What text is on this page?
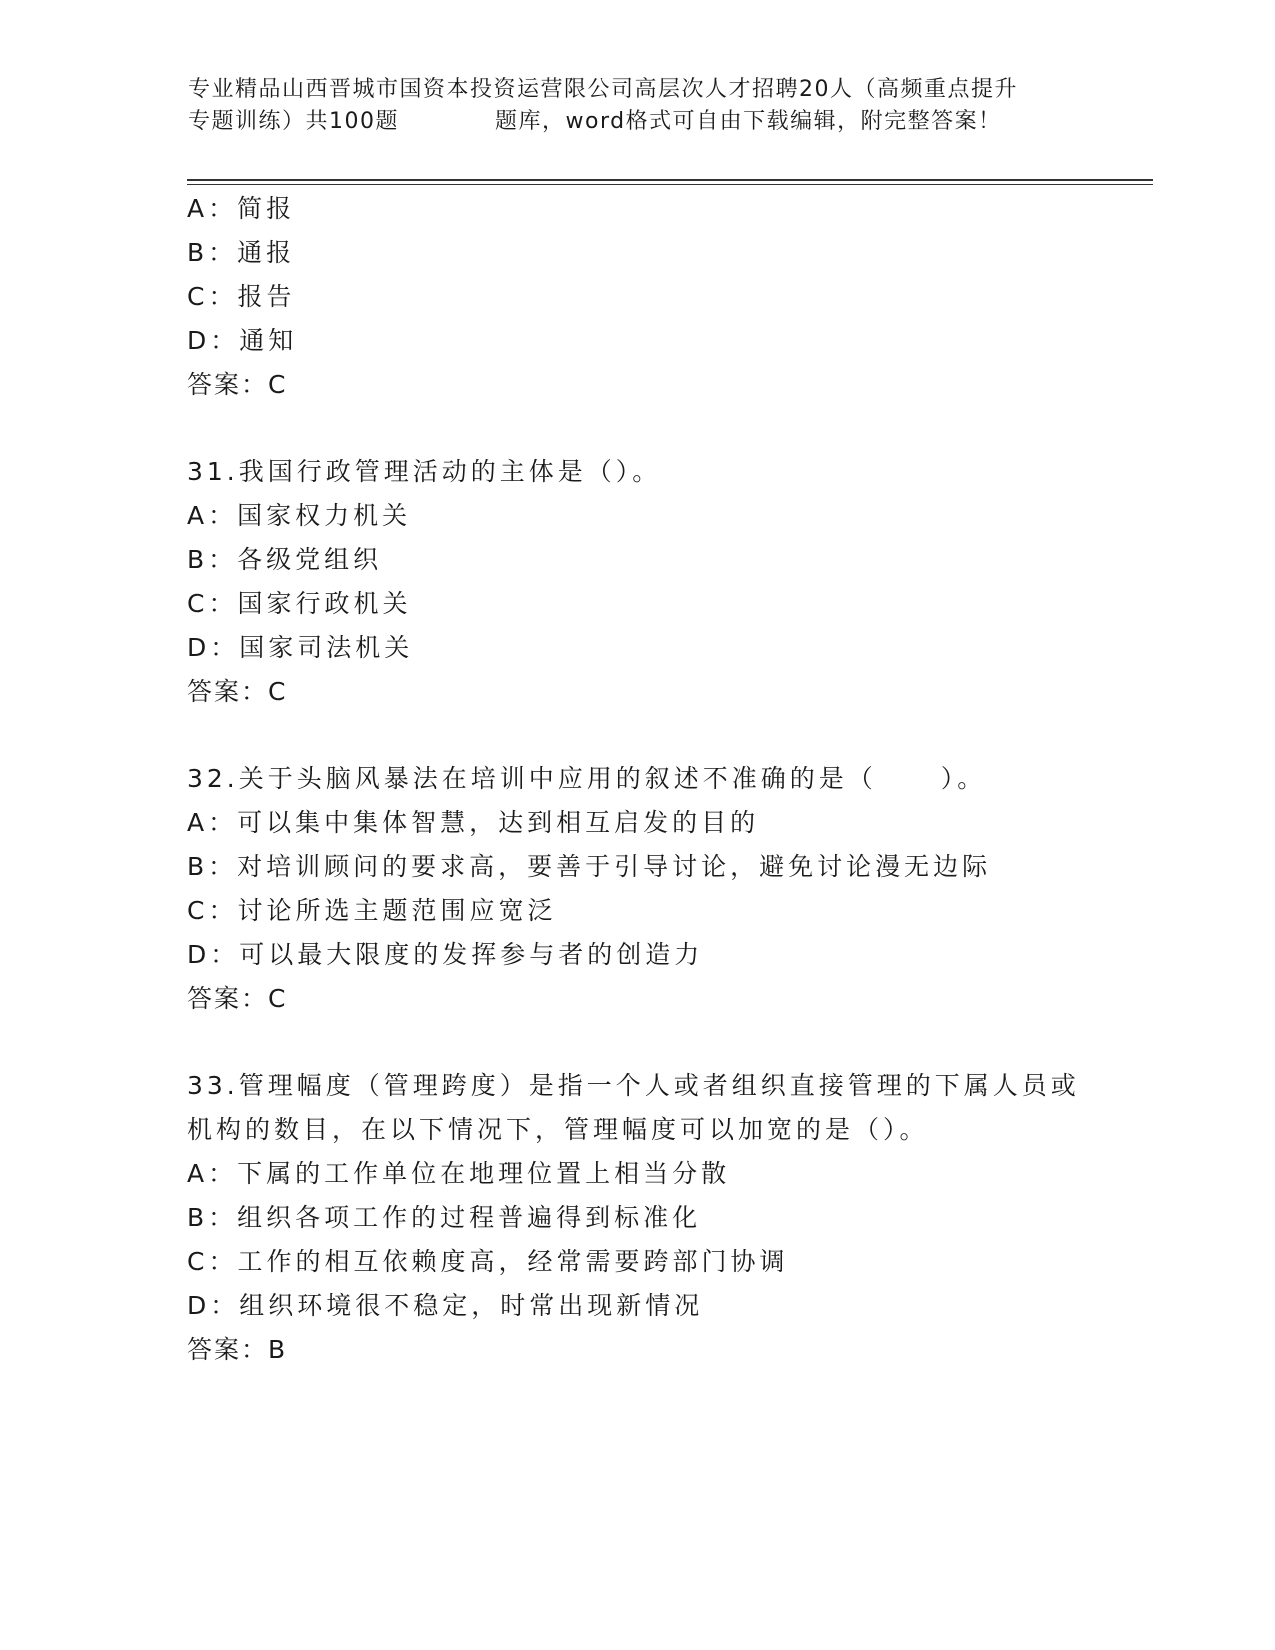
专业精品山西晋城市国资本投资运营限公司高层次人才招聘20人（高频重点提升
专题训练）共100题	题库，word格式可自由下载编辑，附完整答案！
A：简报
B：通报
C：报告
D：通知
答案：C
31.我国行政管理活动的主体是（）。
A：国家权力机关
B：各级党组织
C：国家行政机关
D：国家司法机关
答案：C
32.关于头脑风暴法在培训中应用的叙述不准确的是（	）。
A：可以集中集体智慧，达到相互启发的目的
B：对培训顾问的要求高，要善于引导讨论，避免讨论漫无边际
C：讨论所选主题范围应宽泛
D：可以最大限度的发挥参与者的创造力
答案：C
33.管理幅度（管理跨度）是指一个人或者组织直接管理的下属人员或
机构的数目，在以下情况下，管理幅度可以加宽的是（）。
A：下属的工作单位在地理位置上相当分散
B：组织各项工作的过程普遍得到标准化
C：工作的相互依赖度高，经常需要跨部门协调
D：组织环境很不稳定，时常出现新情况
答案：B
